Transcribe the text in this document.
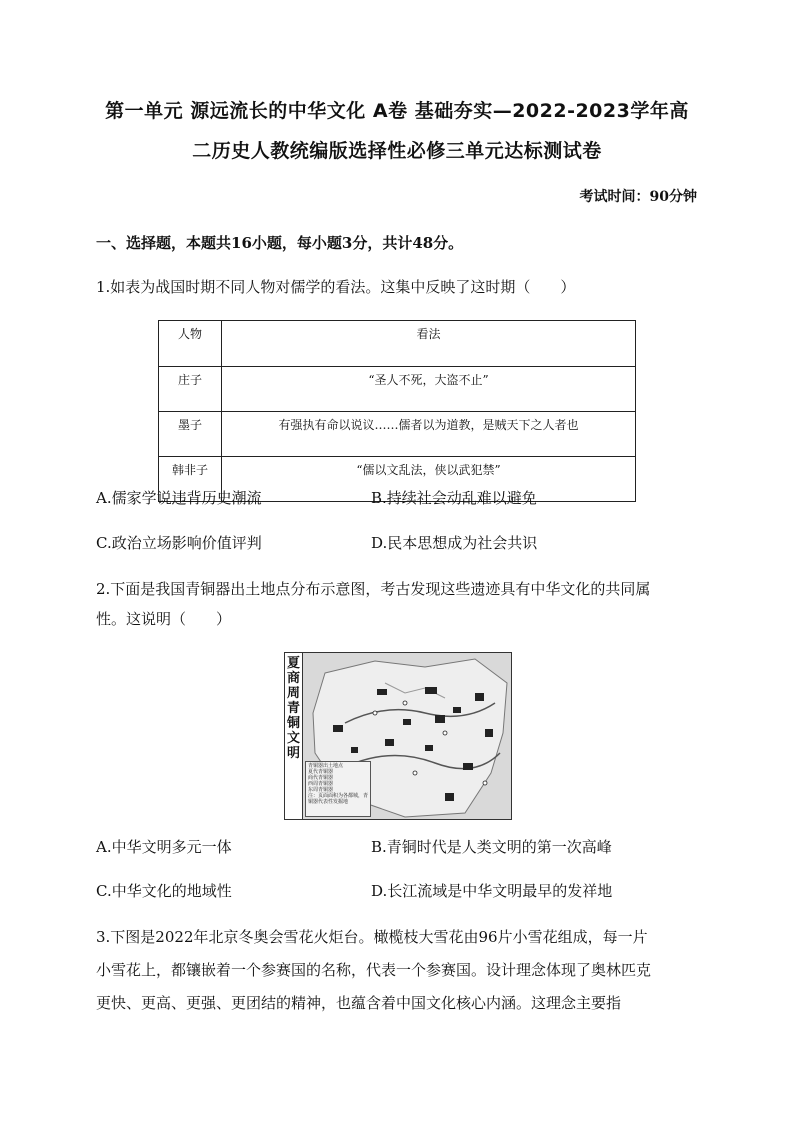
第一单元 源远流长的中华文化 A卷 基础夯实—2022-2023学年高
二历史人教统编版选择性必修三单元达标测试卷
考试时间：90分钟
一、选择题，本题共16小题，每小题3分，共计48分。
1.如表为战国时期不同人物对儒学的看法。这集中反映了这时期（　　）
人物	看法
庄子	“圣人不死，大盗不止”
墨子	有强执有命以说议……儒者以为道教，是贼天下之人者也
韩非子	“儒以文乱法，侠以武犯禁”
A.儒家学说违背历史潮流	B.持续社会动乱难以避免
C.政治立场影响价值评判	D.民本思想成为社会共识
2.下面是我国青铜器出土地点分布示意图，考古发现这些遗迹具有中华文化的共同属
性。这说明（　　）
夏商周青铜文明
青铜器出土地点
夏代青铜器
商代青铜器
西周青铜器
东周青铜器
注：页面面积为各都城，青铜器代表性发掘地
A.中华文明多元一体	B.青铜时代是人类文明的第一次高峰
C.中华文化的地域性	D.长江流域是中华文明最早的发祥地
3.下图是2022年北京冬奥会雪花火炬台。橄榄枝大雪花由96片小雪花组成，每一片
小雪花上，都镶嵌着一个参赛国的名称，代表一个参赛国。设计理念体现了奥林匹克
更快、更高、更强、更团结的精神，也蕴含着中国文化核心内涵。这理念主要指
